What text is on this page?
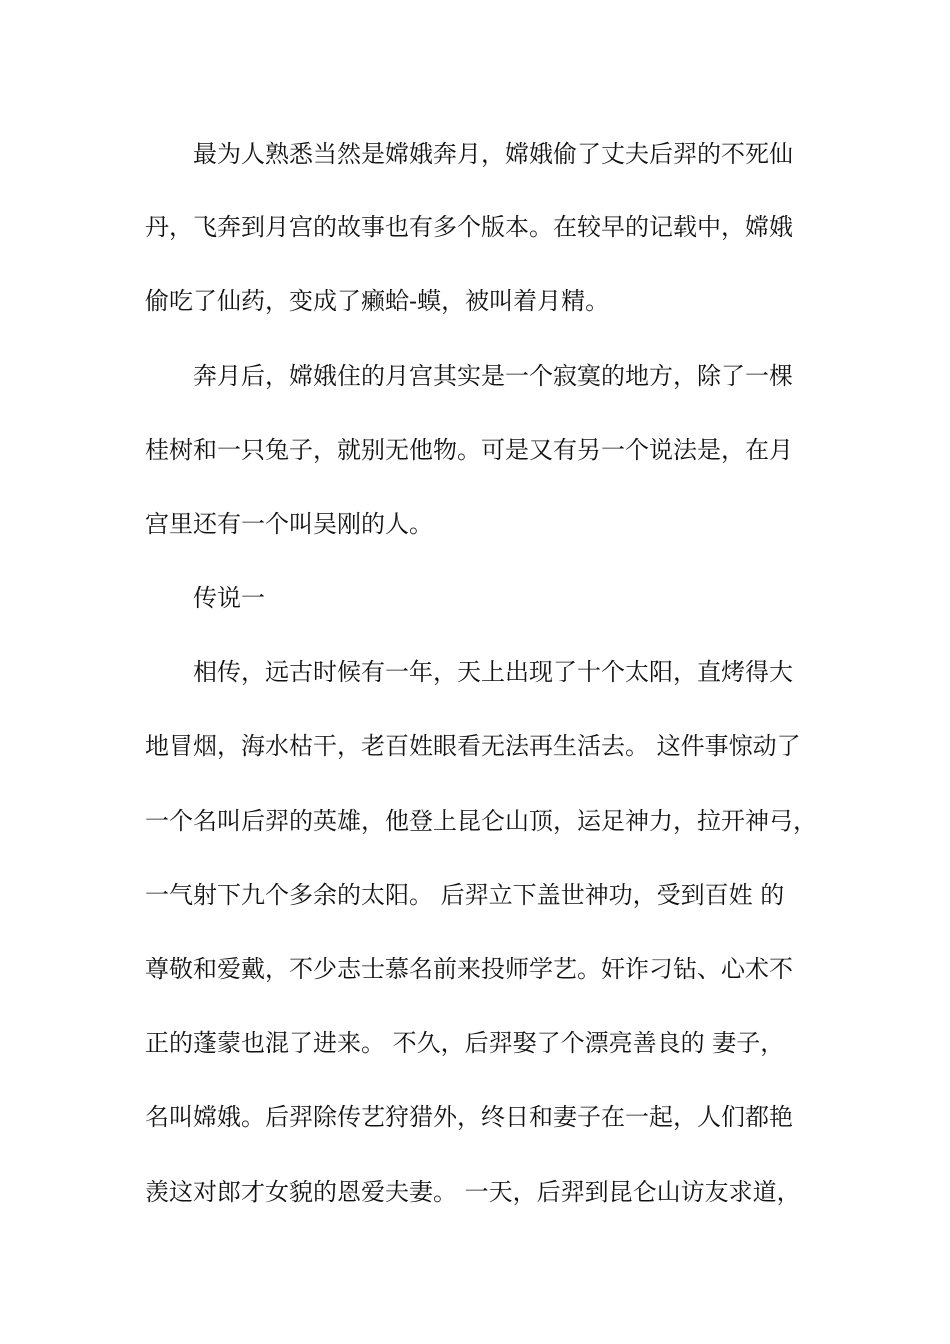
最为人熟悉当然是嫦娥奔月，嫦娥偷了丈夫后羿的不死仙
丹，飞奔到月宫的故事也有多个版本。在较早的记载中，嫦娥
偷吃了仙药，变成了癞蛤-蟆，被叫着月精。
奔月后，嫦娥住的月宫其实是一个寂寞的地方，除了一棵
桂树和一只兔子，就别无他物。可是又有另一个说法是，在月
宫里还有一个叫吴刚的人。
传说一
相传，远古时候有一年，天上出现了十个太阳，直烤得大
地冒烟，海水枯干，老百姓眼看无法再生活去。 这件事惊动了
一个名叫后羿的英雄，他登上昆仑山顶，运足神力，拉开神弓，
一气射下九个多余的太阳。 后羿立下盖世神功，受到百姓 的
尊敬和爱戴，不少志士慕名前来投师学艺。奸诈刁钻、心术不
正的蓬蒙也混了进来。 不久，后羿娶了个漂亮善良的 妻子，
名叫嫦娥。后羿除传艺狩猎外，终日和妻子在一起，人们都艳
羡这对郎才女貌的恩爱夫妻。 一天，后羿到昆仑山访友求道，
